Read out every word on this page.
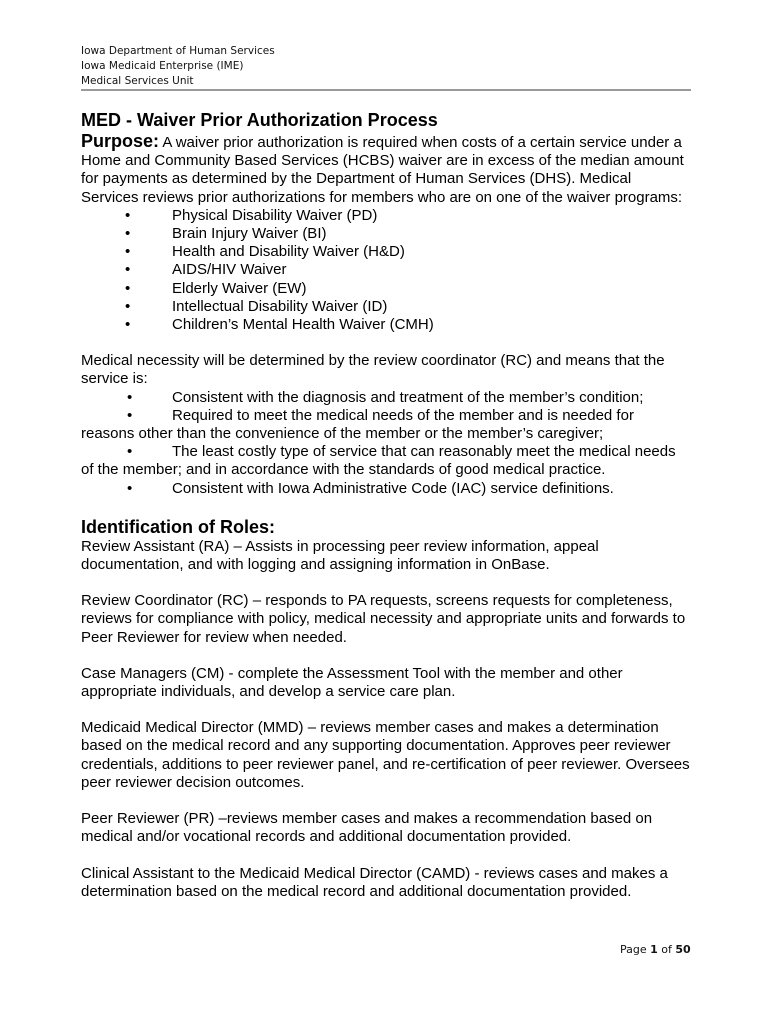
Iowa Department of Human Services
Iowa Medicaid Enterprise (IME)
Medical Services Unit
MED - Waiver Prior Authorization Process

Purpose: A waiver prior authorization is required when costs of a certain service under a Home and Community Based Services (HCBS) waiver are in excess of the median amount for payments as determined by the Department of Human Services (DHS). Medical Services reviews prior authorizations for members who are on one of the waiver programs:

• Physical Disability Waiver (PD)
• Brain Injury Waiver (BI)
• Health and Disability Waiver (H&D)
• AIDS/HIV Waiver
• Elderly Waiver (EW)
• Intellectual Disability Waiver (ID)
• Children’s Mental Health Waiver (CMH)

Medical necessity will be determined by the review coordinator (RC) and means that the service is:

•	Consistent with the diagnosis and treatment of the member’s condition;
•	Required to meet the medical needs of the member and is needed for reasons other than the convenience of the member or the member’s caregiver;
•	The least costly type of service that can reasonably meet the medical needs of the member; and in accordance with the standards of good medical practice.
•	Consistent with Iowa Administrative Code (IAC) service definitions.
Identification of Roles:

Review Assistant (RA) – Assists in processing peer review information, appeal documentation, and with logging and assigning information in OnBase.

Review Coordinator (RC) – responds to PA requests, screens requests for completeness, reviews for compliance with policy, medical necessity and appropriate units and forwards to Peer Reviewer for review when needed.

Case Managers (CM) - complete the Assessment Tool with the member and other appropriate individuals, and develop a service care plan.

Medicaid Medical Director (MMD) – reviews member cases and makes a determination based on the medical record and any supporting documentation. Approves peer reviewer credentials, additions to peer reviewer panel, and re-certification of peer reviewer. Oversees peer reviewer decision outcomes.

Peer Reviewer (PR) –reviews member cases and makes a recommendation based on medical and/or vocational records and additional documentation provided.

Clinical Assistant to the Medicaid Medical Director (CAMD) - reviews cases and makes a determination based on the medical record and additional documentation provided.

Page 1 of 50
